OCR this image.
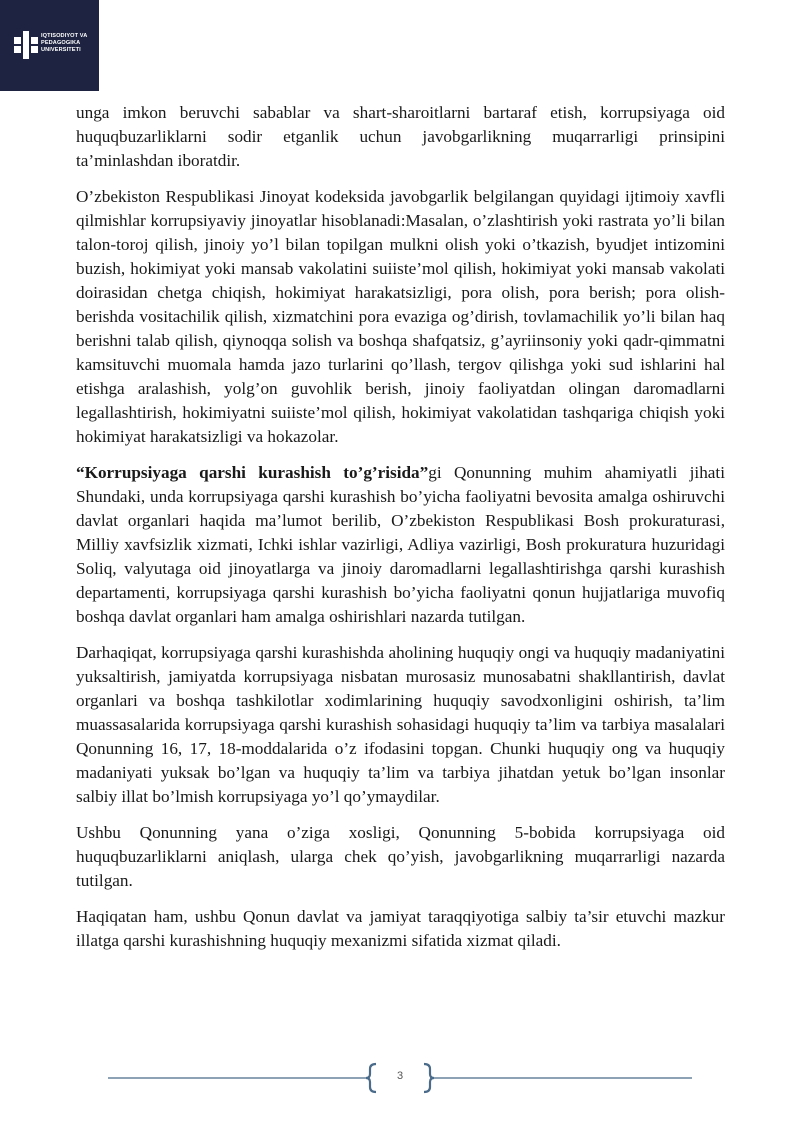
IQTISODIYOT VA
PEDAGOGIKA
UNIVERSITETI

unga imkon beruvchi sabablar va shart-sharoitlarni bartaraf etish, korrupsiyaga oid huquqbuzarliklarni sodir etganlik uchun javobgarlikning muqarrarligi prinsipini ta’minlashdan iboratdir.

O’zbekiston Respublikasi Jinoyat kodeksida javobgarlik belgilangan quyidagi ijtimoiy xavfli qilmishlar korrupsiyaviy jinoyatlar hisoblanadi:Masalan, o’zlashtirish yoki rastrata yo’li bilan talon-toroj qilish, jinoiy yo’l bilan topilgan mulkni olish yoki o’tkazish, byudjet intizomini buzish, hokimiyat yoki mansab vakolatini suiiste’mol qilish, hokimiyat yoki mansab vakolati doirasidan chetga chiqish, hokimiyat harakatsizligi, pora olish, pora berish; pora olish-berishda vositachilik qilish, xizmatchini pora evaziga og’dirish, tovlamachilik yo’li bilan haq berishni talab qilish, qiynoqqa solish va boshqa shafqatsiz, g’ayriinsoniy yoki qadr-qimmatni kamsituvchi muomala hamda jazo turlarini qo’llash, tergov qilishga yoki sud ishlarini hal etishga aralashish, yolg’on guvohlik berish, jinoiy faoliyatdan olingan daromadlarni legallashtirish, hokimiyatni suiiste’mol qilish, hokimiyat vakolatidan tashqariga chiqish yoki hokimiyat harakatsizligi va hokazolar.

“Korrupsiyaga qarshi kurashish to’g’risida”gi Qonunning muhim ahamiyatli jihati Shundaki, unda korrupsiyaga qarshi kurashish bo’yicha faoliyatni bevosita amalga oshiruvchi davlat organlari haqida ma’lumot berilib, O’zbekiston Respublikasi Bosh prokuraturasi, Milliy xavfsizlik xizmati, Ichki ishlar vazirligi, Adliya vazirligi, Bosh prokuratura huzuridagi Soliq, valyutaga oid jinoyatlarga va jinoiy daromadlarni legallashtirishga qarshi kurashish departamenti, korrupsiyaga qarshi kurashish bo’yicha faoliyatni qonun hujjatlariga muvofiq boshqa davlat organlari ham amalga oshirishlari nazarda tutilgan.

Darhaqiqat, korrupsiyaga qarshi kurashishda aholining huquqiy ongi va huquqiy madaniyatini yuksaltirish, jamiyatda korrupsiyaga nisbatan murosasiz munosabatni shakllantirish, davlat organlari va boshqa tashkilotlar xodimlarining huquqiy savodxonligini oshirish, ta’lim muassasalarida korrupsiyaga qarshi kurashish sohasidagi huquqiy ta’lim va tarbiya masalalari Qonunning 16, 17, 18-moddalarida o’z ifodasini topgan. Chunki huquqiy ong va huquqiy madaniyati yuksak bo’lgan va huquqiy ta’lim va tarbiya jihatdan yetuk bo’lgan insonlar salbiy illat bo’lmish korrupsiyaga yo’l qo’ymaydilar.

Ushbu Qonunning yana o’ziga xosligi, Qonunning 5-bobida korrupsiyaga oid huquqbuzarliklarni aniqlash, ularga chek qo’yish, javobgarlikning muqarrarligi nazarda tutilgan.

Haqiqatan ham, ushbu Qonun davlat va jamiyat taraqqiyotiga salbiy ta’sir etuvchi mazkur illatga qarshi kurashishning huquqiy mexanizmi sifatida xizmat qiladi.

3
